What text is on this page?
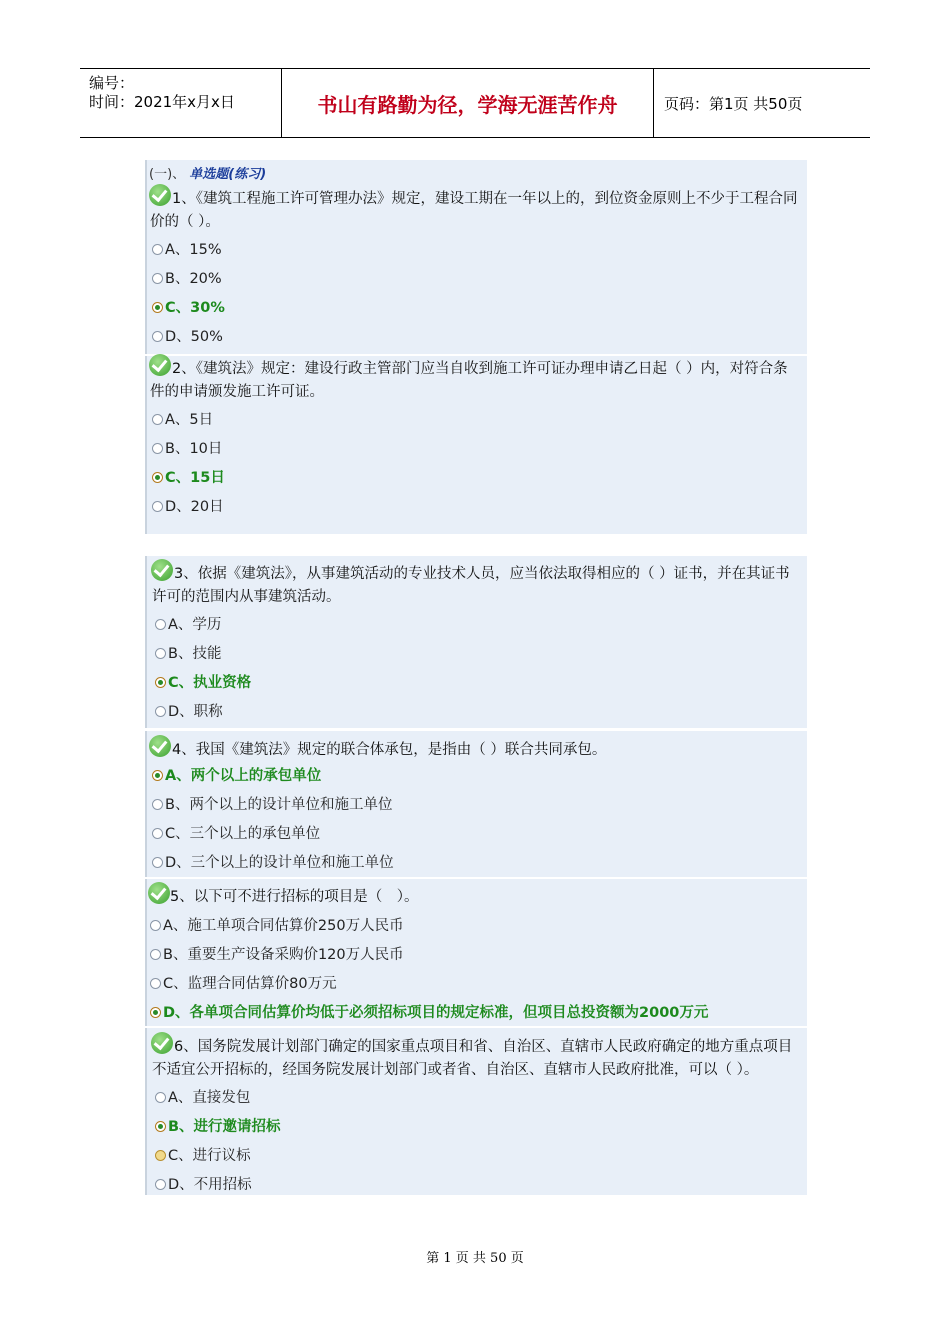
编号：
时间：2021年x月x日	书山有路勤为径，学海无涯苦作舟	页码：第1页 共50页
(一)、 单选题(练习)
1、《建筑工程施工许可管理办法》规定，建设工期在一年以上的，到位资金原则上不少于工程合同价的（ ）。
A、15%
B、20%
C、30%
D、50%
2、《建筑法》规定：建设行政主管部门应当自收到施工许可证办理申请乙日起（ ）内，对符合条件的申请颁发施工许可证。
A、5日
B、10日
C、15日
D、20日
3、依据《建筑法》，从事建筑活动的专业技术人员，应当依法取得相应的（ ）证书，并在其证书许可的范围内从事建筑活动。
A、学历
B、技能
C、执业资格
D、职称
4、我国《建筑法》规定的联合体承包，是指由（ ）联合共同承包。
A、两个以上的承包单位
B、两个以上的设计单位和施工单位
C、三个以上的承包单位
D、三个以上的设计单位和施工单位
5、以下可不进行招标的项目是（　）。
A、施工单项合同估算价250万人民币
B、重要生产设备采购价120万人民币
C、监理合同估算价80万元
D、各单项合同估算价均低于必须招标项目的规定标准，但项目总投资额为2000万元
6、国务院发展计划部门确定的国家重点项目和省、自治区、直辖市人民政府确定的地方重点项目不适宜公开招标的，经国务院发展计划部门或者省、自治区、直辖市人民政府批准，可以（ ）。
A、直接发包
B、进行邀请招标
C、进行议标
D、不用招标
第 1 页 共 50 页
